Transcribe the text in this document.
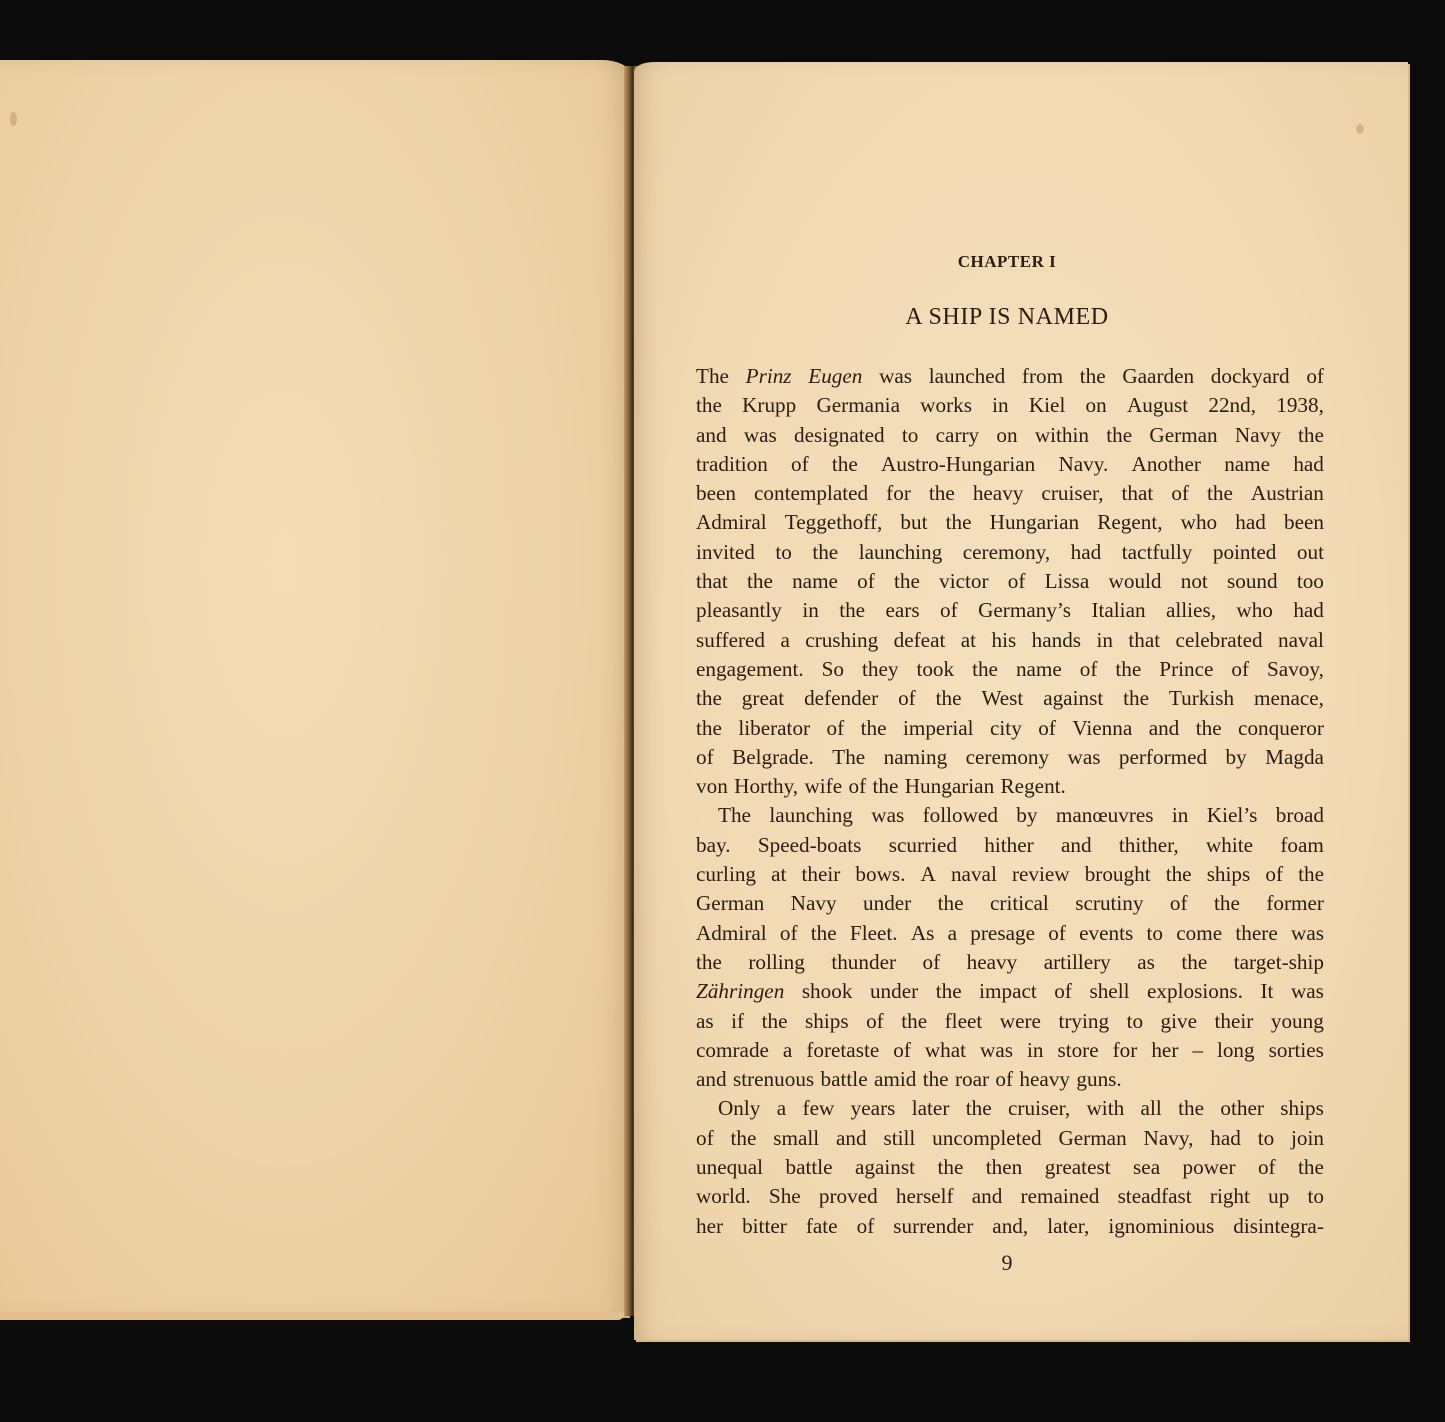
CHAPTER I
A SHIP IS NAMED
The Prinz Eugen was launched from the Gaarden dockyard of
the Krupp Germania works in Kiel on August 22nd, 1938,
and was designated to carry on within the German Navy the
tradition of the Austro-Hungarian Navy. Another name had
been contemplated for the heavy cruiser, that of the Austrian
Admiral Teggethoff, but the Hungarian Regent, who had been
invited to the launching ceremony, had tactfully pointed out
that the name of the victor of Lissa would not sound too
pleasantly in the ears of Germany’s Italian allies, who had
suffered a crushing defeat at his hands in that celebrated naval
engagement. So they took the name of the Prince of Savoy,
the great defender of the West against the Turkish menace,
the liberator of the imperial city of Vienna and the conqueror
of Belgrade. The naming ceremony was performed by Magda
von Horthy, wife of the Hungarian Regent.
The launching was followed by manœuvres in Kiel’s broad
bay. Speed-boats scurried hither and thither, white foam
curling at their bows. A naval review brought the ships of the
German Navy under the critical scrutiny of the former
Admiral of the Fleet. As a presage of events to come there was
the rolling thunder of heavy artillery as the target-ship
Zähringen shook under the impact of shell explosions. It was
as if the ships of the fleet were trying to give their young
comrade a foretaste of what was in store for her – long sorties
and strenuous battle amid the roar of heavy guns.
Only a few years later the cruiser, with all the other ships
of the small and still uncompleted German Navy, had to join
unequal battle against the then greatest sea power of the
world. She proved herself and remained steadfast right up to
her bitter fate of surrender and, later, ignominious disintegra-
9
